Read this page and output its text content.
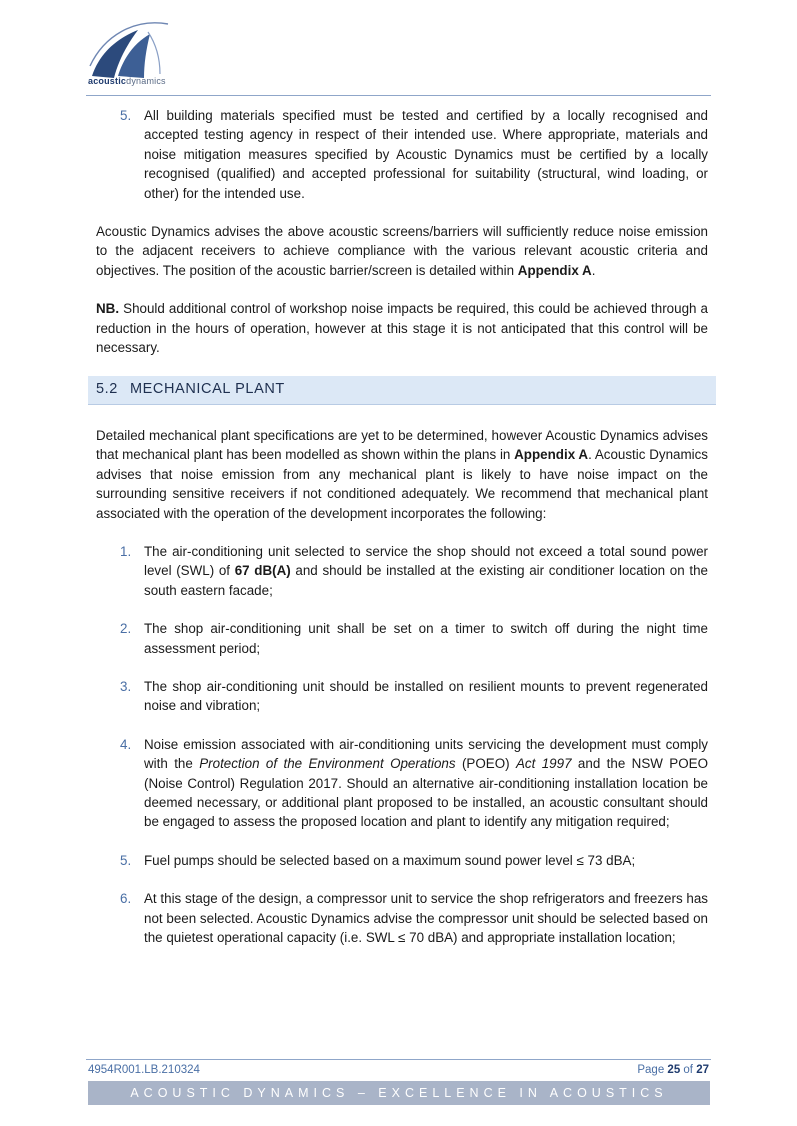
acousticdynamics
5. All building materials specified must be tested and certified by a locally recognised and accepted testing agency in respect of their intended use. Where appropriate, materials and noise mitigation measures specified by Acoustic Dynamics must be certified by a locally recognised (qualified) and accepted professional for suitability (structural, wind loading, or other) for the intended use.

Acoustic Dynamics advises the above acoustic screens/barriers will sufficiently reduce noise emission to the adjacent receivers to achieve compliance with the various relevant acoustic criteria and objectives. The position of the acoustic barrier/screen is detailed within Appendix A.

NB. Should additional control of workshop noise impacts be required, this could be achieved through a reduction in the hours of operation, however at this stage it is not anticipated that this control will be necessary.

5.2 MECHANICAL PLANT

Detailed mechanical plant specifications are yet to be determined, however Acoustic Dynamics advises that mechanical plant has been modelled as shown within the plans in Appendix A. Acoustic Dynamics advises that noise emission from any mechanical plant is likely to have noise impact on the surrounding sensitive receivers if not conditioned adequately. We recommend that mechanical plant associated with the operation of the development incorporates the following:

1. The air-conditioning unit selected to service the shop should not exceed a total sound power level (SWL) of 67 dB(A) and should be installed at the existing air conditioner location on the south eastern facade;
2. The shop air-conditioning unit shall be set on a timer to switch off during the night time assessment period;
3. The shop air-conditioning unit should be installed on resilient mounts to prevent regenerated noise and vibration;
4. Noise emission associated with air-conditioning units servicing the development must comply with the Protection of the Environment Operations (POEO) Act 1997 and the NSW POEO (Noise Control) Regulation 2017. Should an alternative air-conditioning installation location be deemed necessary, or additional plant proposed to be installed, an acoustic consultant should be engaged to assess the proposed location and plant to identify any mitigation required;
5. Fuel pumps should be selected based on a maximum sound power level ≤ 73 dBA;
6. At this stage of the design, a compressor unit to service the shop refrigerators and freezers has not been selected. Acoustic Dynamics advise the compressor unit should be selected based on the quietest operational capacity (i.e. SWL ≤ 70 dBA) and appropriate installation location;
4954R001.LB.210324	Page 25 of 27
ACOUSTIC DYNAMICS – EXCELLENCE IN ACOUSTICS
